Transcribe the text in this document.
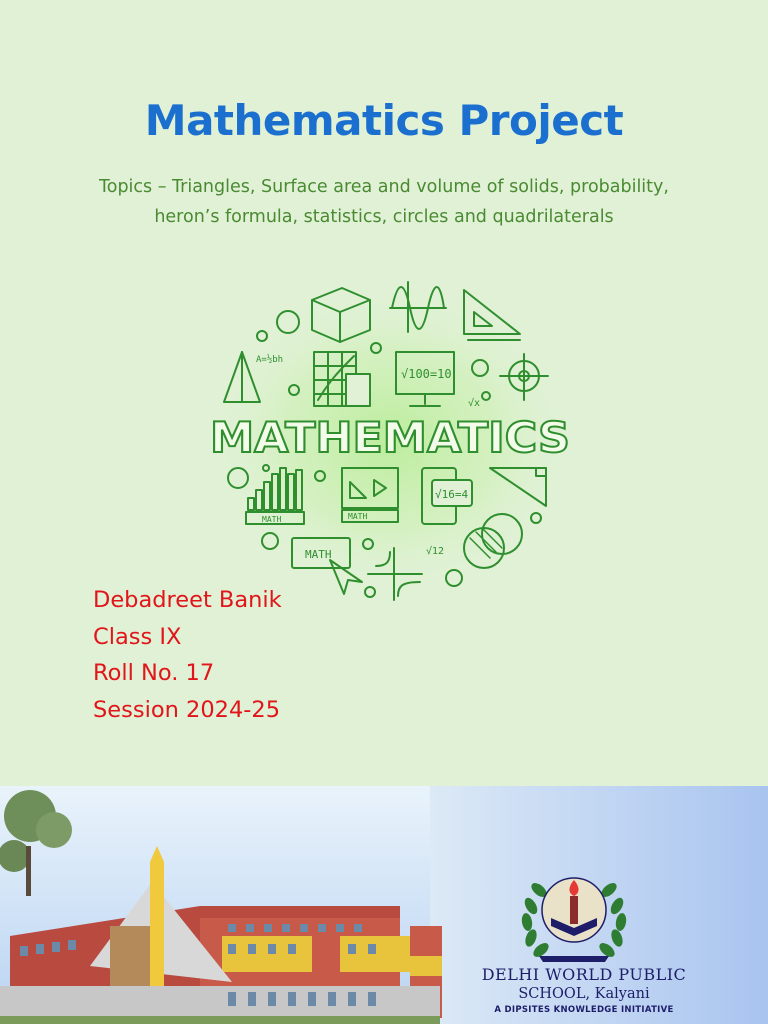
Mathematics Project
Topics – Triangles, Surface area and volume of solids, probability, heron’s formula, statistics, circles and quadrilaterals
A=½bh
√100=10
√x
MATH	MATH
√16=4
MATH	√12
MATHEMATICS
Debadreet Banik
Class IX
Roll No. 17
Session 2024-25
DELHI WORLD PUBLIC
SCHOOL, Kalyani
A DIPSITES KNOWLEDGE INITIATIVE
